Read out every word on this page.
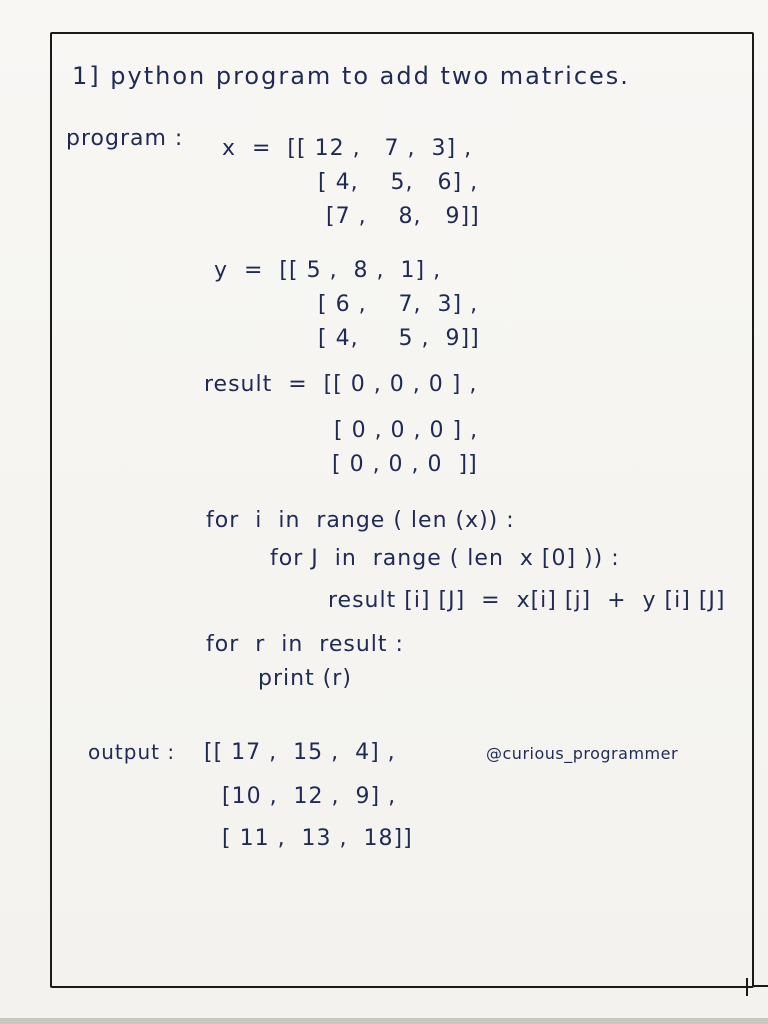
1] python program to add two matrices.
program : x  =  [[ 12 ,   7 ,  3] ,
[ 4,    5,   6] ,
[7 ,    8,   9]]
y  =  [[ 5 ,  8 ,  1] ,
[ 6 ,    7,  3] ,
[ 4,     5 ,  9]]
result  =  [[ 0 , 0 , 0 ] ,
[ 0 , 0 , 0 ] ,
[ 0 , 0 , 0  ]]
for  i  in  range ( len (x)) :
for J  in  range ( len  x [0] )) :
result [i] [J]  =  x[i] [j]  +  y [i] [J]
for  r  in  result :
print (r)
output : [[ 17 ,  15 ,  4] ,
[10 ,  12 ,  9] ,
[ 11 ,  13 ,  18]]
@curious_programmer
